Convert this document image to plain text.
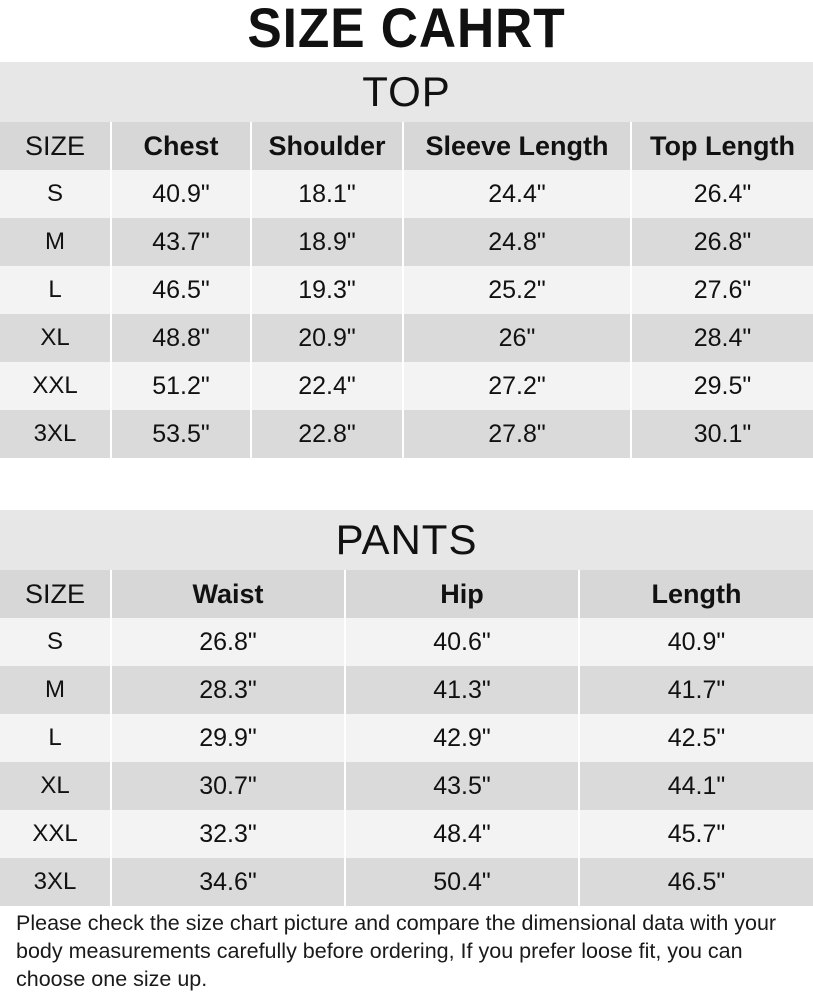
SIZE CAHRT
TOP				
SIZE	Chest	Shoulder	Sleeve Length	Top Length
S	40.9"	18.1"	24.4"	26.4"
M	43.7"	18.9"	24.8"	26.8"
L	46.5"	19.3"	25.2"	27.6"
XL	48.8"	20.9"	26"	28.4"
XXL	51.2"	22.4"	27.2"	29.5"
3XL	53.5"	22.8"	27.8"	30.1"
PANTS			
SIZE	Waist	Hip	Length
S	26.8"	40.6"	40.9"
M	28.3"	41.3"	41.7"
L	29.9"	42.9"	42.5"
XL	30.7"	43.5"	44.1"
XXL	32.3"	48.4"	45.7"
3XL	34.6"	50.4"	46.5"
Please check the size chart picture and compare the dimensional data with your body measurements carefully before ordering, If you prefer loose fit, you can choose one size up.
